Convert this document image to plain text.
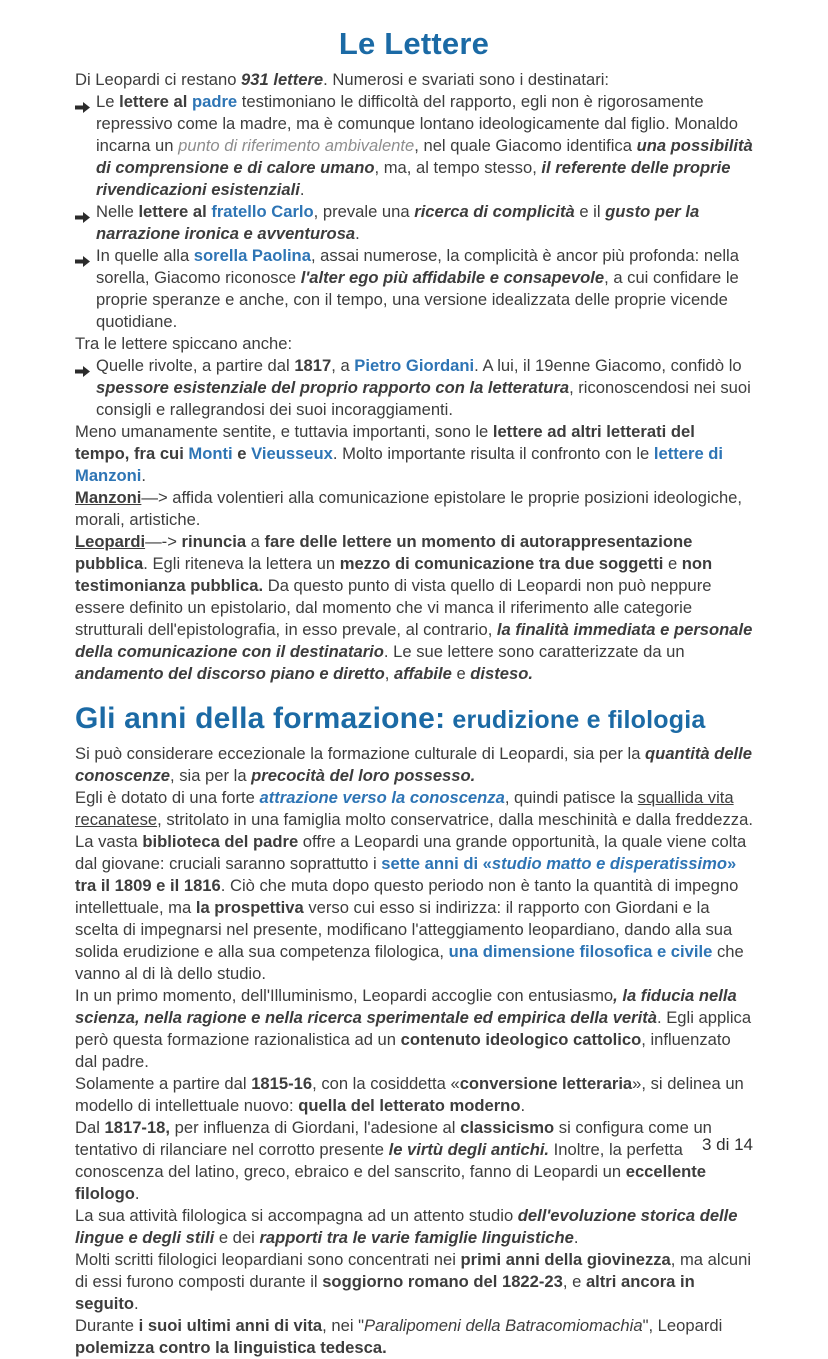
Le Lettere

Di Leopardi ci restano 931 lettere. Numerosi e svariati sono i destinatari:

Le lettere al padre testimoniano le difficoltà del rapporto, egli non è rigorosamente repressivo come la madre, ma è comunque lontano ideologicamente dal figlio. Monaldo incarna un punto di riferimento ambivalente, nel quale Giacomo identifica una possibilità di comprensione e di calore umano, ma, al tempo stesso, il referente delle proprie rivendicazioni esistenziali.
Nelle lettere al fratello Carlo, prevale una ricerca di complicità e il gusto per la narrazione ironica e avventurosa.
In quelle alla sorella Paolina, assai numerose, la complicità è ancor più profonda: nella sorella, Giacomo riconosce l'alter ego più affidabile e consapevole, a cui confidare le proprie speranze e anche, con il tempo, una versione idealizzata delle proprie vicende quotidiane.

Tra le lettere spiccano anche:

Quelle rivolte, a partire dal 1817, a Pietro Giordani. A lui, il 19enne Giacomo, confidò lo spessore esistenziale del proprio rapporto con la letteratura, riconoscendosi nei suoi consigli e rallegrandosi dei suoi incoraggiamenti.

Meno umanamente sentite, e tuttavia importanti, sono le lettere ad altri letterati del tempo, fra cui Monti e Vieusseux. Molto importante risulta il confronto con le lettere di Manzoni.

Manzoni—> affida volentieri alla comunicazione epistolare le proprie posizioni ideologiche, morali, artistiche.

Leopardi—-> rinuncia a fare delle lettere un momento di autorappresentazione pubblica. Egli riteneva la lettera un mezzo di comunicazione tra due soggetti e non testimonianza pubblica. Da questo punto di vista quello di Leopardi non può neppure essere definito un epistolario, dal momento che vi manca il riferimento alle categorie strutturali dell'epistolografia, in esso prevale, al contrario, la finalità immediata e personale della comunicazione con il destinatario. Le sue lettere sono caratterizzate da un andamento del discorso piano e diretto, affabile e disteso.

Gli anni della formazione: erudizione e filologia

Si può considerare eccezionale la formazione culturale di Leopardi, sia per la quantità delle conoscenze, sia per la precocità del loro possesso.

Egli è dotato di una forte attrazione verso la conoscenza, quindi patisce la squallida vita recanatese, stritolato in una famiglia molto conservatrice, dalla meschinità e dalla freddezza.

La vasta biblioteca del padre offre a Leopardi una grande opportunità, la quale viene colta dal giovane: cruciali saranno soprattutto i sette anni di «studio matto e disperatissimo» tra il 1809 e il 1816. Ciò che muta dopo questo periodo non è tanto la quantità di impegno intellettuale, ma la prospettiva verso cui esso si indirizza: il rapporto con Giordani e la scelta di impegnarsi nel presente, modificano l'atteggiamento leopardiano, dando alla sua solida erudizione e alla sua competenza filologica, una dimensione filosofica e civile che vanno al di là dello studio.

In un primo momento, dell'Illuminismo, Leopardi accoglie con entusiasmo, la fiducia nella scienza, nella ragione e nella ricerca sperimentale ed empirica della verità. Egli applica però questa formazione razionalistica ad un contenuto ideologico cattolico, influenzato dal padre.

Solamente a partire dal 1815-16, con la cosiddetta «conversione letteraria», si delinea un modello di intellettuale nuovo: quella del letterato moderno.

Dal 1817-18, per influenza di Giordani, l'adesione al classicismo si configura come un tentativo di rilanciare nel corrotto presente le virtù degli antichi. Inoltre, la perfetta conoscenza del latino, greco, ebraico e del sanscrito, fanno di Leopardi un eccellente filologo.

La sua attività filologica si accompagna ad un attento studio dell'evoluzione storica delle lingue e degli stili e dei rapporti tra le varie famiglie linguistiche.

Molti scritti filologici leopardiani sono concentrati nei primi anni della giovinezza, ma alcuni di essi furono composti durante il soggiorno romano del 1822-23, e altri ancora in seguito.

Durante i suoi ultimi anni di vita, nei "Paralipomeni della Batracomiomachia", Leopardi polemizza contro la linguistica tedesca.

3 di 14
